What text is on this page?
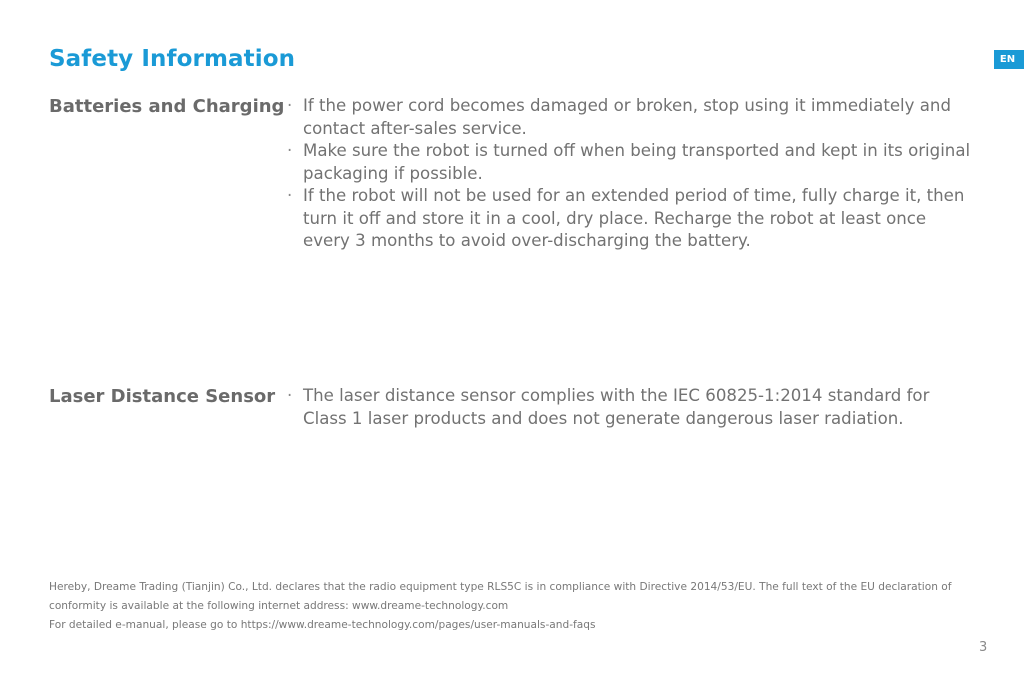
Safety Information	EN
Batteries and Charging · If the power cord becomes damaged or broken, stop using it immediately and contact after-sales service.
· Make sure the robot is turned off when being transported and kept in its original packaging if possible.
· If the robot will not be used for an extended period of time, fully charge it, then turn it off and store it in a cool, dry place. Recharge the robot at least once every 3 months to avoid over-discharging the battery.
Laser Distance Sensor · The laser distance sensor complies with the IEC 60825-1:2014 standard for Class 1 laser products and does not generate dangerous laser radiation.

Hereby, Dreame Trading (Tianjin) Co., Ltd. declares that the radio equipment type RLS5C is in compliance with Directive 2014/53/EU. The full text of the EU declaration of conformity is available at the following internet address: www.dreame-technology.com

For detailed e-manual, please go to https://www.dreame-technology.com/pages/user-manuals-and-faqs

3
